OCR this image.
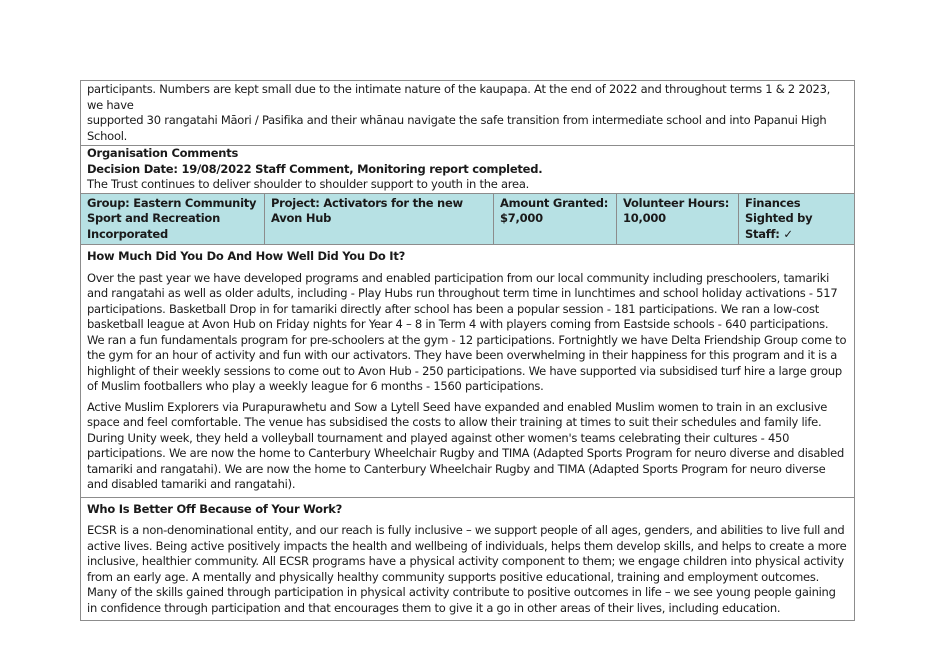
participants. Numbers are kept small due to the intimate nature of the kaupapa. At the end of 2022 and throughout terms 1 & 2 2023, we have

supported 30 rangatahi Māori / Pasifika and their whānau navigate the safe transition from intermediate school and into Papanui High School.

Organisation Comments

Decision Date: 19/08/2022 Staff Comment, Monitoring report completed.

The Trust continues to deliver shoulder to shoulder support to youth in the area.

Group: Eastern Community Sport and Recreation Incorporated
Project: Activators for the new Avon Hub
Amount Granted: $7,000
Volunteer Hours: 10,000
Finances Sighted by Staff: ✓
How Much Did You Do And How Well Did You Do It?

Over the past year we have developed programs and enabled participation from our local community including preschoolers, tamariki and rangatahi as well as older adults, including - Play Hubs run throughout term time in lunchtimes and school holiday activations - 517 participations. Basketball Drop in for tamariki directly after school has been a popular session - 181 participations. We ran a low-cost basketball league at Avon Hub on Friday nights for Year 4 – 8 in Term 4 with players coming from Eastside schools - 640 participations. We ran a fun fundamentals program for pre-schoolers at the gym - 12 participations. Fortnightly we have Delta Friendship Group come to the gym for an hour of activity and fun with our activators. They have been overwhelming in their happiness for this program and it is a highlight of their weekly sessions to come out to Avon Hub - 250 participations. We have supported via subsidised turf hire a large group of Muslim footballers who play a weekly league for 6 months - 1560 participations.

Active Muslim Explorers via Purapurawhetu and Sow a Lytell Seed have expanded and enabled Muslim women to train in an exclusive space and feel comfortable. The venue has subsidised the costs to allow their training at times to suit their schedules and family life. During Unity week, they held a volleyball tournament and played against other women's teams celebrating their cultures - 450 participations. We are now the home to Canterbury Wheelchair Rugby and TIMA (Adapted Sports Program for neuro diverse and disabled tamariki and rangatahi). We are now the home to Canterbury Wheelchair Rugby and TIMA (Adapted Sports Program for neuro diverse and disabled tamariki and rangatahi).

Who Is Better Off Because of Your Work?

ECSR is a non-denominational entity, and our reach is fully inclusive – we support people of all ages, genders, and abilities to live full and active lives. Being active positively impacts the health and wellbeing of individuals, helps them develop skills, and helps to create a more inclusive, healthier community. All ECSR programs have a physical activity component to them; we engage children into physical activity from an early age. A mentally and physically healthy community supports positive educational, training and employment outcomes. Many of the skills gained through participation in physical activity contribute to positive outcomes in life – we see young people gaining in confidence through participation and that encourages them to give it a go in other areas of their lives, including education.
